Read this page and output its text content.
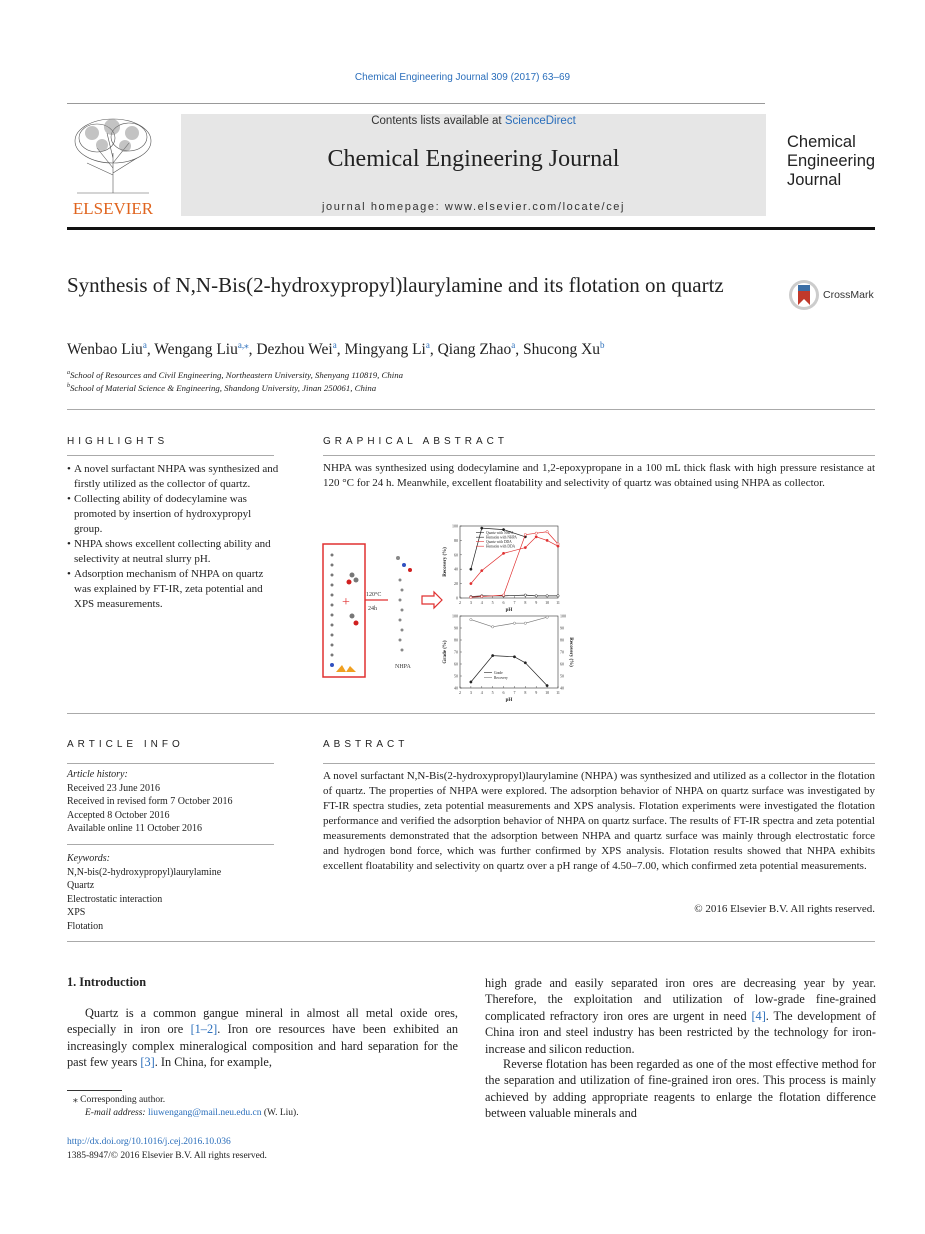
Chemical Engineering Journal 309 (2017) 63–69
ELSEVIER
Contents lists available at ScienceDirect
Chemical Engineering Journal
journal homepage: www.elsevier.com/locate/cej
Chemical
Engineering
Journal
Synthesis of N,N-Bis(2-hydroxypropyl)laurylamine and its flotation on quartz	CrossMark
Wenbao Liu$^a$, Wengang Liu$^{a,⁎}$, Dezhou Wei$^a$, Mingyang Li$^a$, Qiang Zhao$^a$, Shucong Xu$^b$
$^a$School of Resources and Civil Engineering, Northeastern University, Shenyang 110819, China
$^b$School of Material Science & Engineering, Shandong University, Jinan 250061, China
HIGHLIGHTS
• A novel surfactant NHPA was synthesized and firstly utilized as the collector of quartz.
• Collecting ability of dodecylamine was promoted by insertion of hydroxypropyl group.
• NHPA shows excellent collecting ability and selectivity at neutral slurry pH.
• Adsorption mechanism of NHPA on quartz was explained by FT-IR, zeta potential and XPS measurements.
GRAPHICAL ABSTRACT
NHPA was synthesized using dodecylamine and 1,2-epoxypropane in a 100 mL thick flask with high pressure resistance at 120 °C for 24 h. Meanwhile, excellent floatability and selectivity of quartz was obtained using NHPA as collector.
+	120°C
24h
NHPA
2 3 4 5 6 7 8 9 10 11
0
20
40
60
80
100
pH
Recovery (%)
Quartz with NHPA
Hematite with NHPA
Quartz with DDA
Hematite with DDA
2 3 4 5 6 7 8 9 10 11
40
50
60
70
80
90
100
40
50
60
70
80
90
100
pH
Grade (%)	Recovery (%)
Grade
Recovery
ARTICLE INFO
Article history:
Received 23 June 2016
Received in revised form 7 October 2016
Accepted 8 October 2016
Available online 11 October 2016
Keywords:
N,N-bis(2-hydroxypropyl)laurylamine
Quartz
Electrostatic interaction
XPS
Flotation
ABSTRACT
A novel surfactant N,N-Bis(2-hydroxypropyl)laurylamine (NHPA) was synthesized and utilized as a collector in the flotation of quartz. The properties of NHPA were explored. The adsorption behavior of NHPA on quartz surface was investigated by FT-IR spectra studies, zeta potential measurements and XPS analysis. Flotation experiments were investigated the flotation performance and verified the adsorption behavior of NHPA on quartz surface. The results of FT-IR spectra and zeta potential measurements demonstrated that the adsorption between NHPA and quartz surface was mainly through electrostatic force and hydrogen bond force, which was further confirmed by XPS analysis. Flotation results showed that NHPA exhibits excellent floatability and selectivity on quartz over a pH range of 4.50–7.00, which confirmed zeta potential measurements.
© 2016 Elsevier B.V. All rights reserved.
1. Introduction
Quartz is a common gangue mineral in almost all metal oxide ores, especially in iron ore [1–2]. Iron ore resources have been exhibited an increasingly complex mineralogical composition and hard separation for the past few years [3]. In China, for example,
high grade and easily separated iron ores are decreasing year by year. Therefore, the exploitation and utilization of low-grade fine-grained complicated refractory iron ores are urgent in need [4]. The development of China iron and steel industry has been restricted by the technology for iron-increase and silicon reduction.
Reverse flotation has been regarded as one of the most effective method for the separation and utilization of fine-grained iron ores. This process is mainly achieved by adding appropriate reagents to enlarge the flotation difference between valuable minerals and
⁎ Corresponding author.
E-mail address: liuwengang@mail.neu.edu.cn (W. Liu).
http://dx.doi.org/10.1016/j.cej.2016.10.036
1385-8947/© 2016 Elsevier B.V. All rights reserved.
